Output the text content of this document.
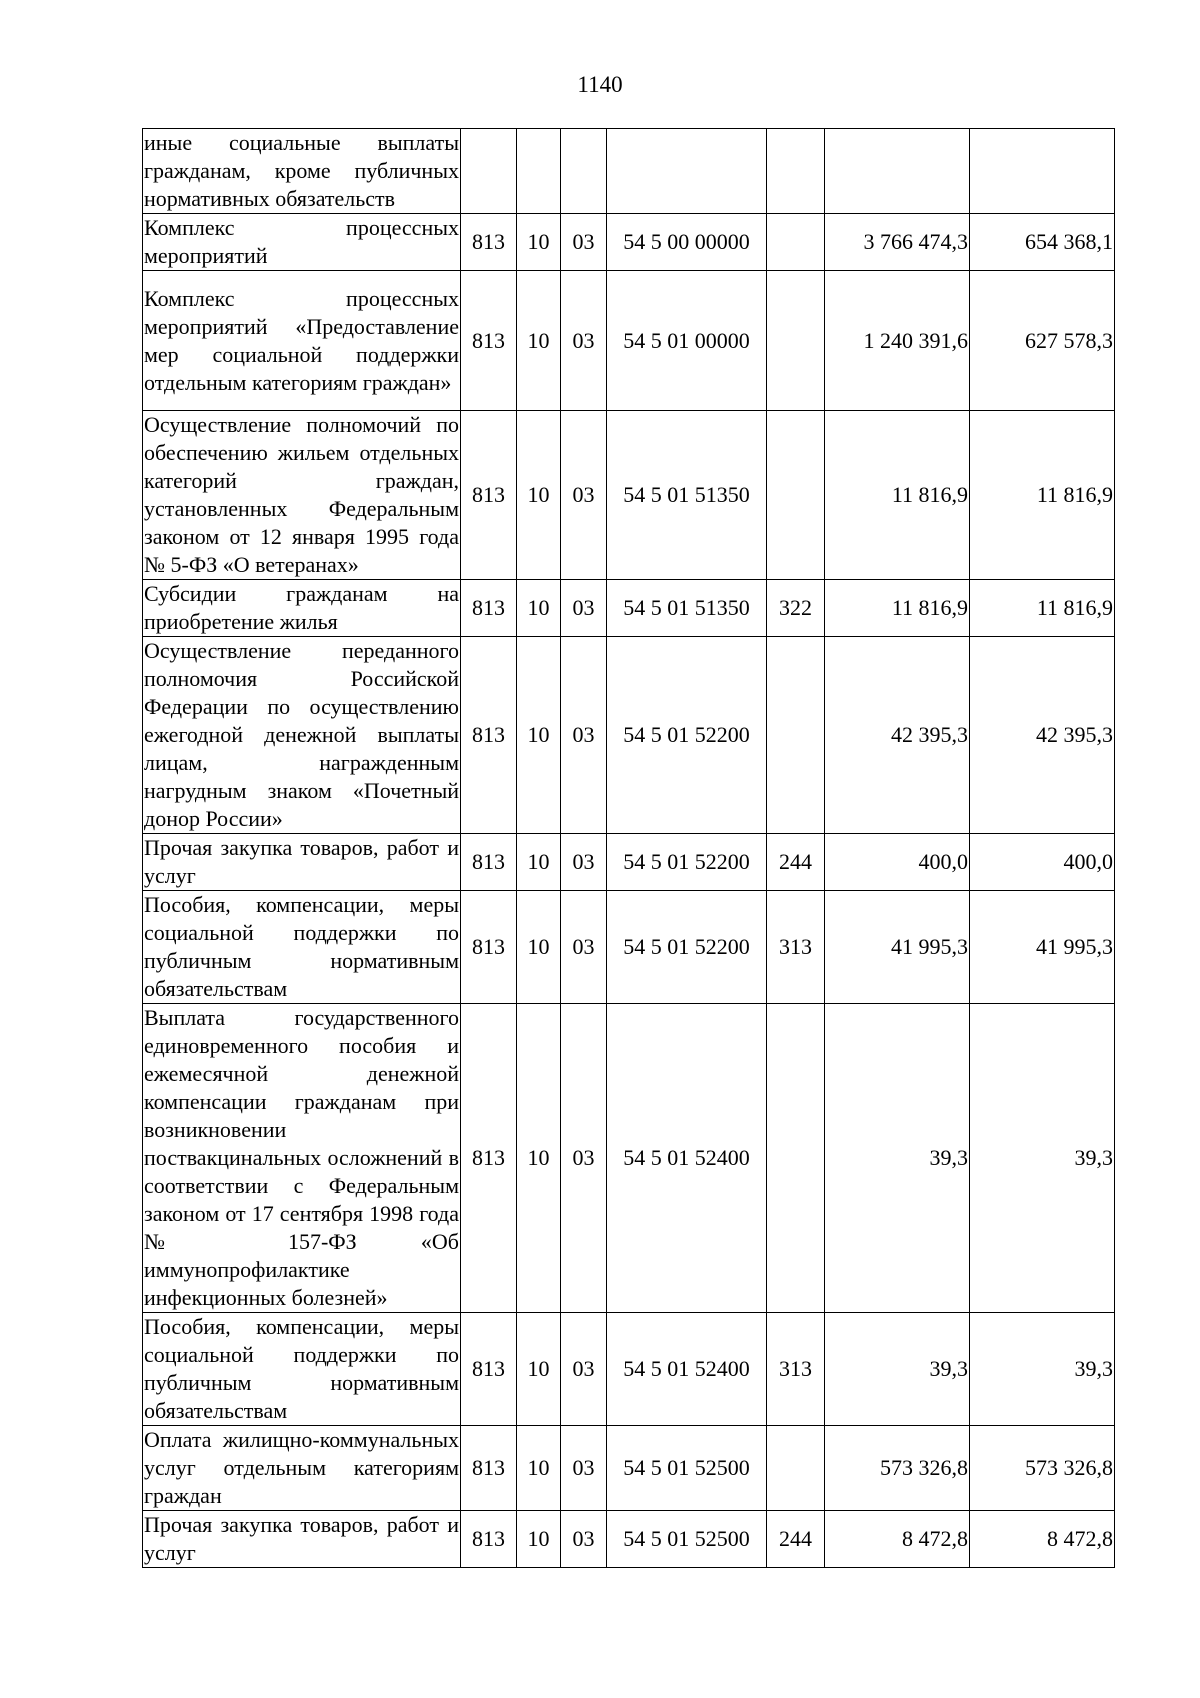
1140
иные социальные выплаты гражданам, кроме публичных нормативных обязательств							
Комплекс процессных мероприятий	813	10	03	54 5 00 00000		3 766 474,3	654 368,1
Комплекс процессных мероприятий «Предоставление мер социальной поддержки отдельным категориям граждан»	813	10	03	54 5 01 00000		1 240 391,6	627 578,3
Осуществление полномочий по обеспечению жильем отдельных категорий граждан, установленных Федеральным законом от 12 января 1995 года № 5-ФЗ «О ветеранах»	813	10	03	54 5 01 51350		11 816,9	11 816,9
Субсидии гражданам на приобретение жилья	813	10	03	54 5 01 51350	322	11 816,9	11 816,9
Осуществление переданного полномочия Российской Федерации по осуществлению ежегодной денежной выплаты лицам, награжденным нагрудным знаком «Почетный донор России»	813	10	03	54 5 01 52200		42 395,3	42 395,3
Прочая закупка товаров, работ и услуг	813	10	03	54 5 01 52200	244	400,0	400,0
Пособия, компенсации, меры социальной поддержки по публичным нормативным обязательствам	813	10	03	54 5 01 52200	313	41 995,3	41 995,3
Выплата государственного единовременного пособия и ежемесячной денежной компенсации гражданам при возникновении поствакцинальных осложнений в соответствии с Федеральным законом от 17 сентября 1998 года № 157-ФЗ «Об иммунопрофилактике инфекционных болезней»	813	10	03	54 5 01 52400		39,3	39,3
Пособия, компенсации, меры социальной поддержки по публичным нормативным обязательствам	813	10	03	54 5 01 52400	313	39,3	39,3
Оплата жилищно-коммунальных услуг отдельным категориям граждан	813	10	03	54 5 01 52500		573 326,8	573 326,8
Прочая закупка товаров, работ и услуг	813	10	03	54 5 01 52500	244	8 472,8	8 472,8
